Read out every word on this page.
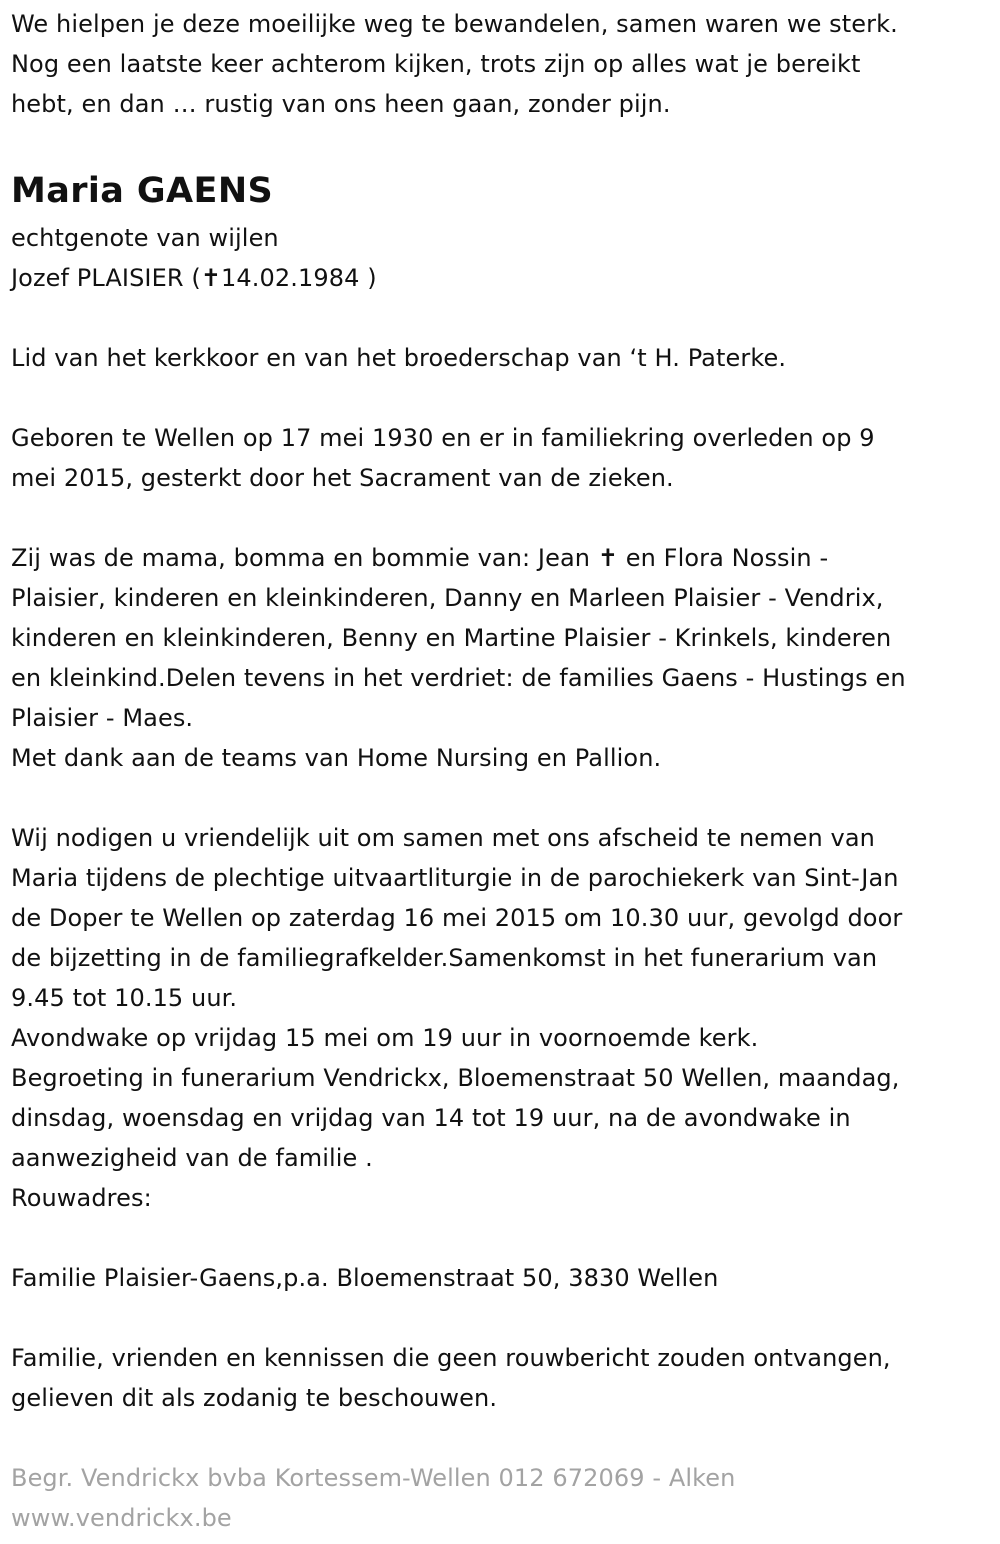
We hielpen je deze moeilijke weg te bewandelen, samen waren we sterk.
Nog een laatste keer achterom kijken, trots zijn op alles wat je bereikt
hebt, en dan … rustig van ons heen gaan, zonder pijn.
Maria GAENS
echtgenote van wijlen
Jozef PLAISIER (✝14.02.1984 )
Lid van het kerkkoor en van het broederschap van ‘t H. Paterke.
Geboren te Wellen op 17 mei 1930 en er in familiekring overleden op 9
mei 2015, gesterkt door het Sacrament van de zieken.
Zij was de mama, bomma en bommie van: Jean ✝ en Flora Nossin -
Plaisier, kinderen en kleinkinderen, Danny en Marleen Plaisier - Vendrix,
kinderen en kleinkinderen, Benny en Martine Plaisier - Krinkels, kinderen
en kleinkind.Delen tevens in het verdriet: de families Gaens - Hustings en
Plaisier - Maes.
Met dank aan de teams van Home Nursing en Pallion.
Wij nodigen u vriendelijk uit om samen met ons afscheid te nemen van
Maria tijdens de plechtige uitvaartliturgie in de parochiekerk van Sint-Jan
de Doper te Wellen op zaterdag 16 mei 2015 om 10.30 uur, gevolgd door
de bijzetting in de familiegrafkelder.Samenkomst in het funerarium van
9.45 tot 10.15 uur.
Avondwake op vrijdag 15 mei om 19 uur in voornoemde kerk.
Begroeting in funerarium Vendrickx, Bloemenstraat 50 Wellen, maandag,
dinsdag, woensdag en vrijdag van 14 tot 19 uur, na de avondwake in
aanwezigheid van de familie .
Rouwadres:
Familie Plaisier-Gaens,p.a. Bloemenstraat 50, 3830 Wellen
Familie, vrienden en kennissen die geen rouwbericht zouden ontvangen,
gelieven dit als zodanig te beschouwen.
Begr. Vendrickx bvba Kortessem-Wellen 012 672069 - Alken
www.vendrickx.be
